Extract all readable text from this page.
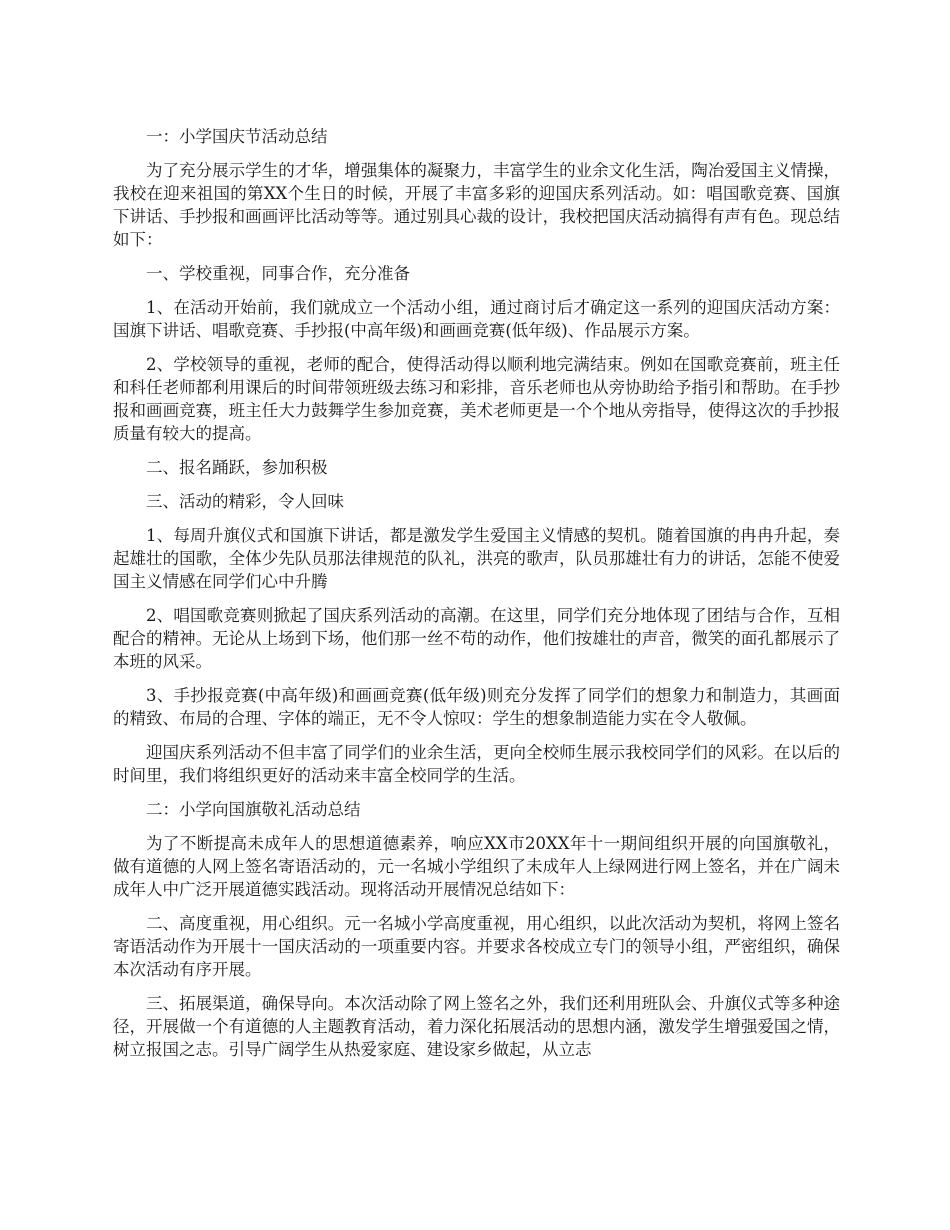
一：小学国庆节活动总结

为了充分展示学生的才华，增强集体的凝聚力，丰富学生的业余文化生活，陶冶爱国主义情操，我校在迎来祖国的第XX个生日的时候，开展了丰富多彩的迎国庆系列活动。如：唱国歌竞赛、国旗下讲话、手抄报和画画评比活动等等。通过别具心裁的设计，我校把国庆活动搞得有声有色。现总结如下：

一、学校重视，同事合作，充分准备

1、在活动开始前，我们就成立一个活动小组，通过商讨后才确定这一系列的迎国庆活动方案：国旗下讲话、唱歌竞赛、手抄报(中高年级)和画画竞赛(低年级)、作品展示方案。

2、学校领导的重视，老师的配合，使得活动得以顺利地完满结束。例如在国歌竞赛前，班主任和科任老师都利用课后的时间带领班级去练习和彩排，音乐老师也从旁协助给予指引和帮助。在手抄报和画画竞赛，班主任大力鼓舞学生参加竞赛，美术老师更是一个个地从旁指导，使得这次的手抄报质量有较大的提高。

二、报名踊跃，参加积极

三、活动的精彩，令人回味

1、每周升旗仪式和国旗下讲话，都是激发学生爱国主义情感的契机。随着国旗的冉冉升起，奏起雄壮的国歌，全体少先队员那法律规范的队礼，洪亮的歌声，队员那雄壮有力的讲话，怎能不使爱国主义情感在同学们心中升腾

2、唱国歌竞赛则掀起了国庆系列活动的高潮。在这里，同学们充分地体现了团结与合作，互相配合的精神。无论从上场到下场，他们那一丝不苟的动作，他们按雄壮的声音，微笑的面孔都展示了本班的风采。

3、手抄报竞赛(中高年级)和画画竞赛(低年级)则充分发挥了同学们的想象力和制造力，其画面的精致、布局的合理、字体的端正，无不令人惊叹：学生的想象制造能力实在令人敬佩。

迎国庆系列活动不但丰富了同学们的业余生活，更向全校师生展示我校同学们的风彩。在以后的时间里，我们将组织更好的活动来丰富全校同学的生活。

二：小学向国旗敬礼活动总结

为了不断提高未成年人的思想道德素养，响应XX市20XX年十一期间组织开展的向国旗敬礼，做有道德的人网上签名寄语活动的，元一名城小学组织了未成年人上绿网进行网上签名，并在广阔未成年人中广泛开展道德实践活动。现将活动开展情况总结如下：

二、高度重视，用心组织。元一名城小学高度重视，用心组织，以此次活动为契机，将网上签名寄语活动作为开展十一国庆活动的一项重要内容。并要求各校成立专门的领导小组，严密组织，确保本次活动有序开展。

三、拓展渠道，确保导向。本次活动除了网上签名之外，我们还利用班队会、升旗仪式等多种途径，开展做一个有道德的人主题教育活动，着力深化拓展活动的思想内涵，激发学生增强爱国之情，树立报国之志。引导广阔学生从热爱家庭、建设家乡做起，从立志
